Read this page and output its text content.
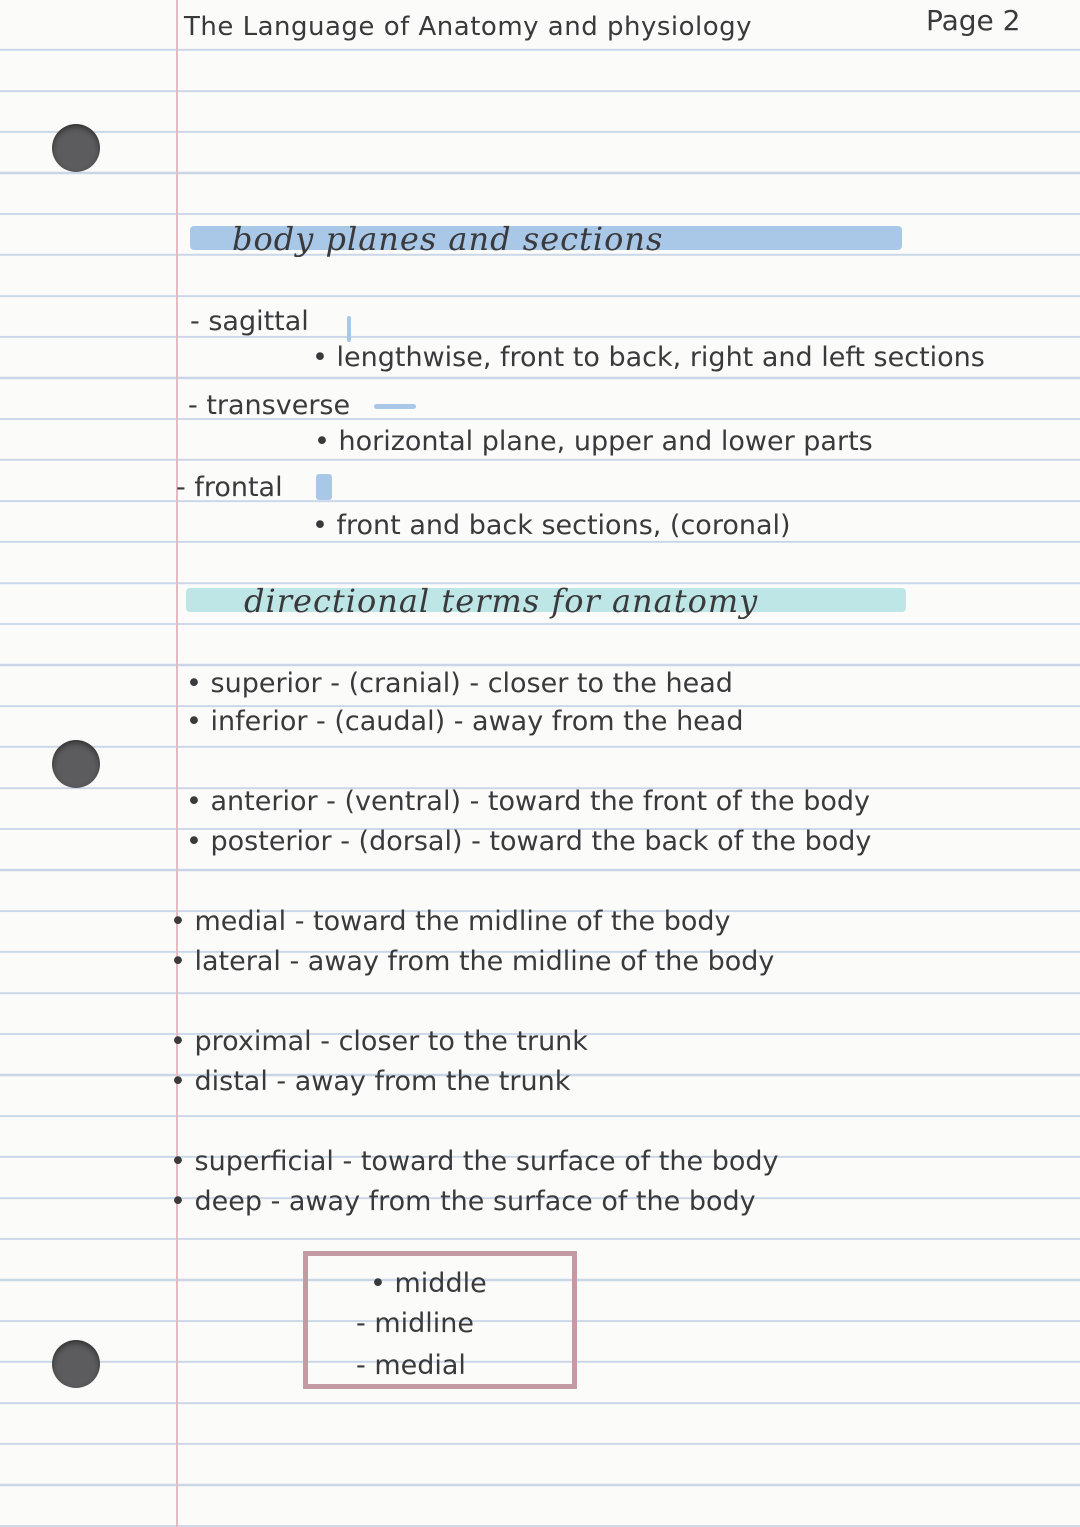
The Language of Anatomy and physiology	Page 2
body planes and sections
- sagittal
• lengthwise, front to back, right and left sections
- transverse
• horizontal plane, upper and lower parts
- frontal
• front and back sections, (coronal)
directional terms for anatomy
• superior - (cranial) - closer to the head
• inferior - (caudal) - away from the head
• anterior - (ventral) - toward the front of the body
• posterior - (dorsal) - toward the back of the body
• medial - toward the midline of the body
• lateral - away from the midline of the body
• proximal - closer to the trunk
• distal - away from the trunk
• superficial - toward the surface of the body
• deep - away from the surface of the body
• middle
- midline
- medial
